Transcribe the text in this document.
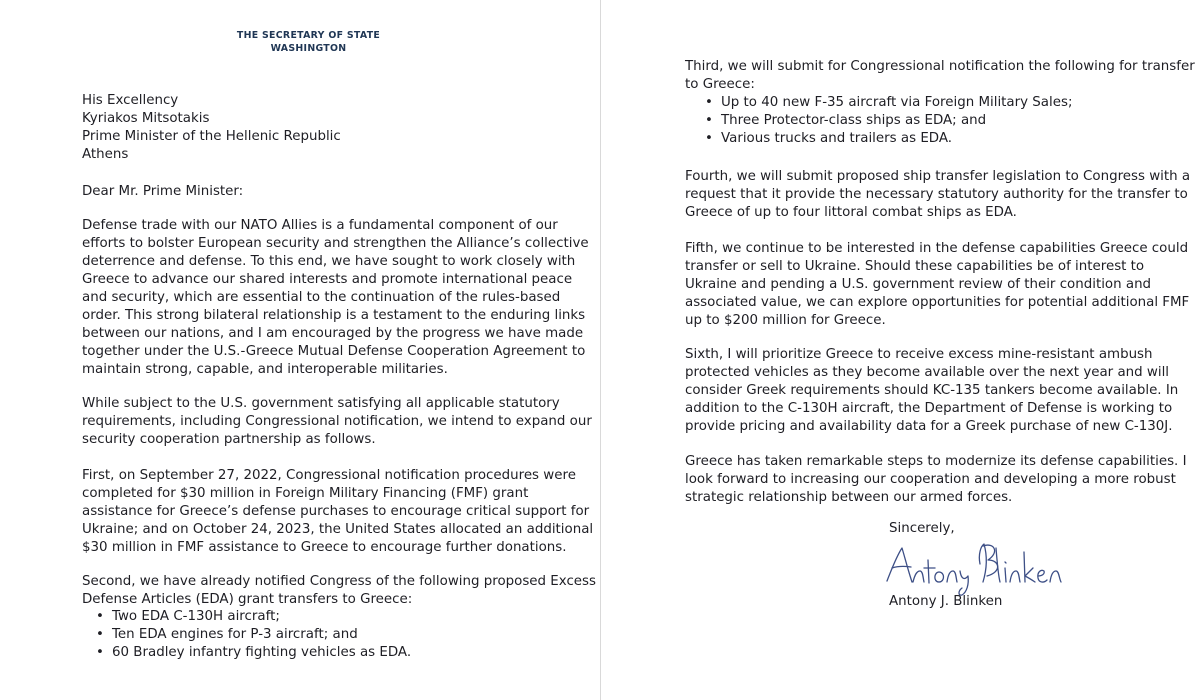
THE SECRETARY OF STATE
WASHINGTON
His Excellency
Kyriakos Mitsotakis
Prime Minister of the Hellenic Republic
Athens
Dear Mr. Prime Minister:
Defense trade with our NATO Allies is a fundamental component of our
efforts to bolster European security and strengthen the Alliance’s collective
deterrence and defense. To this end, we have sought to work closely with
Greece to advance our shared interests and promote international peace
and security, which are essential to the continuation of the rules-based
order. This strong bilateral relationship is a testament to the enduring links
between our nations, and I am encouraged by the progress we have made
together under the U.S.-Greece Mutual Defense Cooperation Agreement to
maintain strong, capable, and interoperable militaries.
While subject to the U.S. government satisfying all applicable statutory
requirements, including Congressional notification, we intend to expand our
security cooperation partnership as follows.
First, on September 27, 2022, Congressional notification procedures were
completed for $30 million in Foreign Military Financing (FMF) grant
assistance for Greece’s defense purchases to encourage critical support for
Ukraine; and on October 24, 2023, the United States allocated an additional
$30 million in FMF assistance to Greece to encourage further donations.
Second, we have already notified Congress of the following proposed Excess
Defense Articles (EDA) grant transfers to Greece:
• Two EDA C-130H aircraft;
• Ten EDA engines for P-3 aircraft; and
• 60 Bradley infantry fighting vehicles as EDA.
Third, we will submit for Congressional notification the following for transfer
to Greece:
• Up to 40 new F-35 aircraft via Foreign Military Sales;
• Three Protector-class ships as EDA; and
• Various trucks and trailers as EDA.
Fourth, we will submit proposed ship transfer legislation to Congress with a
request that it provide the necessary statutory authority for the transfer to
Greece of up to four littoral combat ships as EDA.
Fifth, we continue to be interested in the defense capabilities Greece could
transfer or sell to Ukraine. Should these capabilities be of interest to
Ukraine and pending a U.S. government review of their condition and
associated value, we can explore opportunities for potential additional FMF
up to $200 million for Greece.
Sixth, I will prioritize Greece to receive excess mine-resistant ambush
protected vehicles as they become available over the next year and will
consider Greek requirements should KC-135 tankers become available. In
addition to the C-130H aircraft, the Department of Defense is working to
provide pricing and availability data for a Greek purchase of new C-130J.
Greece has taken remarkable steps to modernize its defense capabilities. I
look forward to increasing our cooperation and developing a more robust
strategic relationship between our armed forces.
Sincerely,
Antony J. Blinken
